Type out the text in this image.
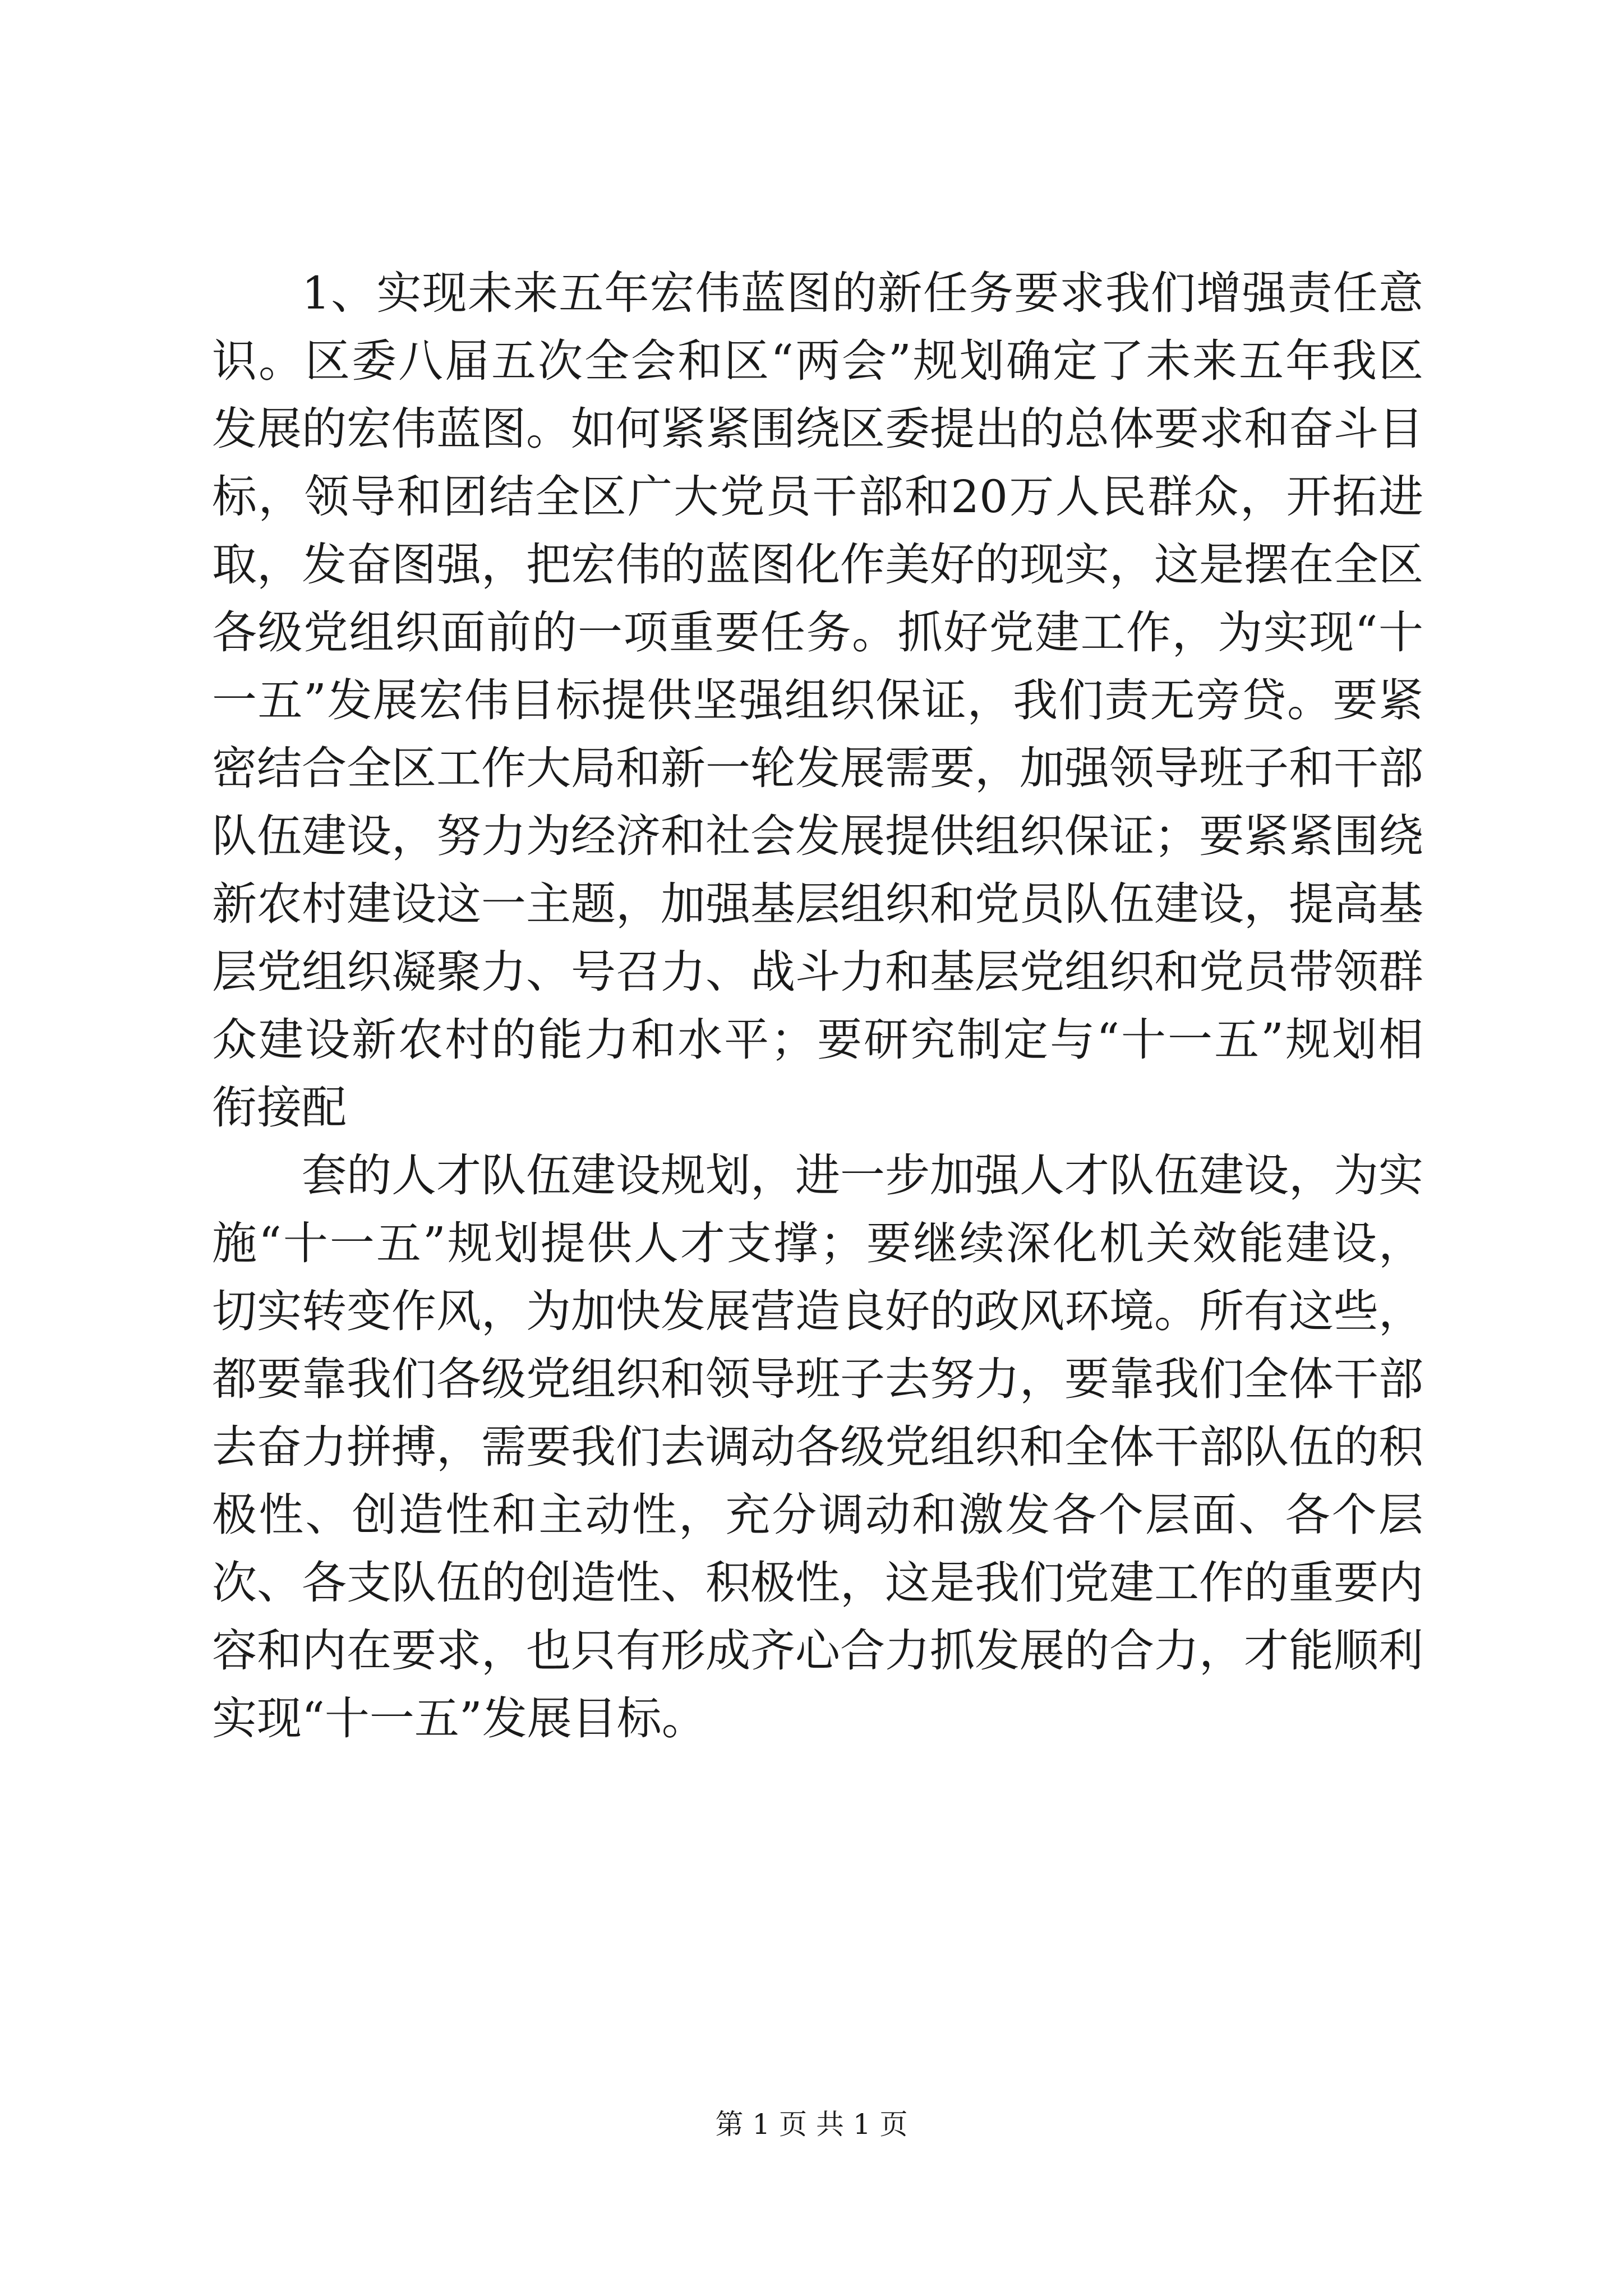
1、实现未来五年宏伟蓝图的新任务要求我们增强责任意识。区委八届五次全会和区“两会”规划确定了未来五年我区发展的宏伟蓝图。如何紧紧围绕区委提出的总体要求和奋斗目标，领导和团结全区广大党员干部和20万人民群众，开拓进取，发奋图强，把宏伟的蓝图化作美好的现实，这是摆在全区各级党组织面前的一项重要任务。抓好党建工作，为实现“十一五”发展宏伟目标提供坚强组织保证，我们责无旁贷。要紧密结合全区工作大局和新一轮发展需要，加强领导班子和干部队伍建设，努力为经济和社会发展提供组织保证；要紧紧围绕新农村建设这一主题，加强基层组织和党员队伍建设，提高基层党组织凝聚力、号召力、战斗力和基层党组织和党员带领群众建设新农村的能力和水平；要研究制定与“十一五”规划相衔接配

套的人才队伍建设规划，进一步加强人才队伍建设，为实施“十一五”规划提供人才支撑；要继续深化机关效能建设，切实转变作风，为加快发展营造良好的政风环境。所有这些，都要靠我们各级党组织和领导班子去努力，要靠我们全体干部去奋力拼搏，需要我们去调动各级党组织和全体干部队伍的积极性、创造性和主动性，充分调动和激发各个层面、各个层次、各支队伍的创造性、积极性，这是我们党建工作的重要内容和内在要求，也只有形成齐心合力抓发展的合力，才能顺利实现“十一五”发展目标。

第 1 页 共 1 页
